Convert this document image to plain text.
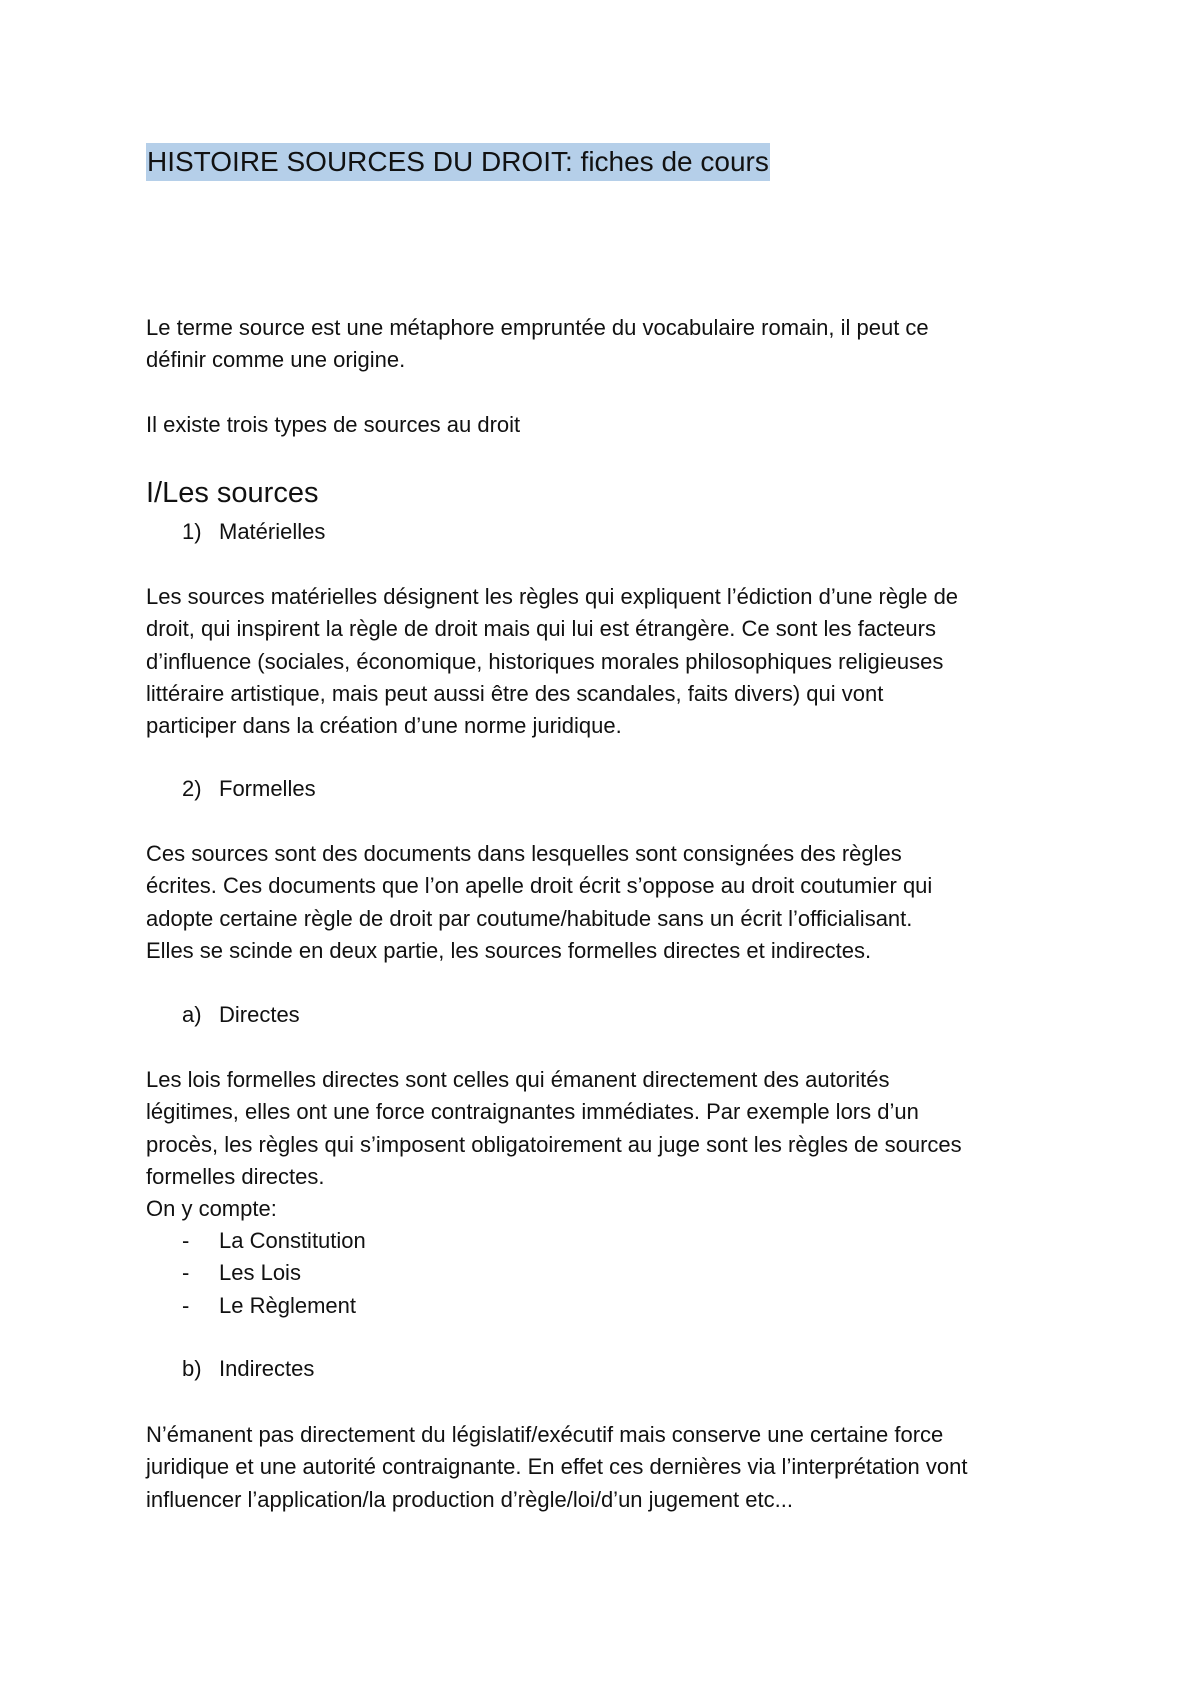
HISTOIRE SOURCES DU DROIT: fiches de cours
Le terme source est une métaphore empruntée du vocabulaire romain, il peut ce
définir comme une origine.
Il existe trois types de sources au droit
I/Les sources
1) Matérielles
Les sources matérielles désignent les règles qui expliquent l’édiction d’une règle de
droit, qui inspirent la règle de droit mais qui lui est étrangère. Ce sont les facteurs
d’influence (sociales, économique, historiques morales philosophiques religieuses
littéraire artistique, mais peut aussi être des scandales, faits divers) qui vont
participer dans la création d’une norme juridique.
2) Formelles
Ces sources sont des documents dans lesquelles sont consignées des règles
écrites. Ces documents que l’on apelle droit écrit s’oppose au droit coutumier qui
adopte certaine règle de droit par coutume/habitude sans un écrit l’officialisant.
Elles se scinde en deux partie, les sources formelles directes et indirectes.
a) Directes
Les lois formelles directes sont celles qui émanent directement des autorités
légitimes, elles ont une force contraignantes immédiates. Par exemple lors d’un
procès, les règles qui s’imposent obligatoirement au juge sont les règles de sources
formelles directes.
On y compte:
- La Constitution
- Les Lois
- Le Règlement
b) Indirectes
N’émanent pas directement du législatif/exécutif mais conserve une certaine force
juridique et une autorité contraignante. En effet ces dernières via l’interprétation vont
influencer l’application/la production d’règle/loi/d’un jugement etc...
